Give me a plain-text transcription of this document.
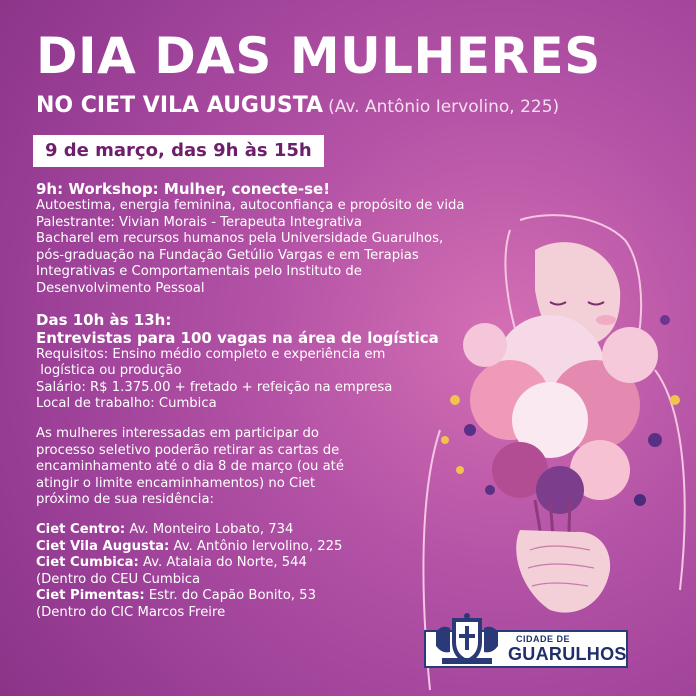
DIA DAS MULHERES
NO CIET VILA AUGUSTA (Av. Antônio Iervolino, 225)
9 de março, das 9h às 15h

9h: Workshop: Mulher, conecte-se!

Autoestima, energia feminina, autoconfiança e propósito de vida

Palestrante: Vivian Morais - Terapeuta Integrativa

Bacharel em recursos humanos pela Universidade Guarulhos,

pós-graduação na Fundação Getúlio Vargas e em Terapias

Integrativas e Comportamentais pelo Instituto de

Desenvolvimento Pessoal

Das 10h às 13h:

Entrevistas para 100 vagas na área de logística

Requisitos: Ensino médio completo e experiência em

logística ou produção

Salário: R$ 1.375.00 + fretado + refeição na empresa

Local de trabalho: Cumbica

As mulheres interessadas em participar do

processo seletivo poderão retirar as cartas de

encaminhamento até o dia 8 de março (ou até

atingir o limite encaminhamentos) no Ciet

próximo de sua residência:

Ciet Centro: Av. Monteiro Lobato, 734

Ciet Vila Augusta: Av. Antônio Iervolino, 225

Ciet Cumbica: Av. Atalaia do Norte, 544

(Dentro do CEU Cumbica

Ciet Pimentas: Estr. do Capão Bonito, 53

(Dentro do CIC Marcos Freire

CIDADE DE
GUARULHOS
